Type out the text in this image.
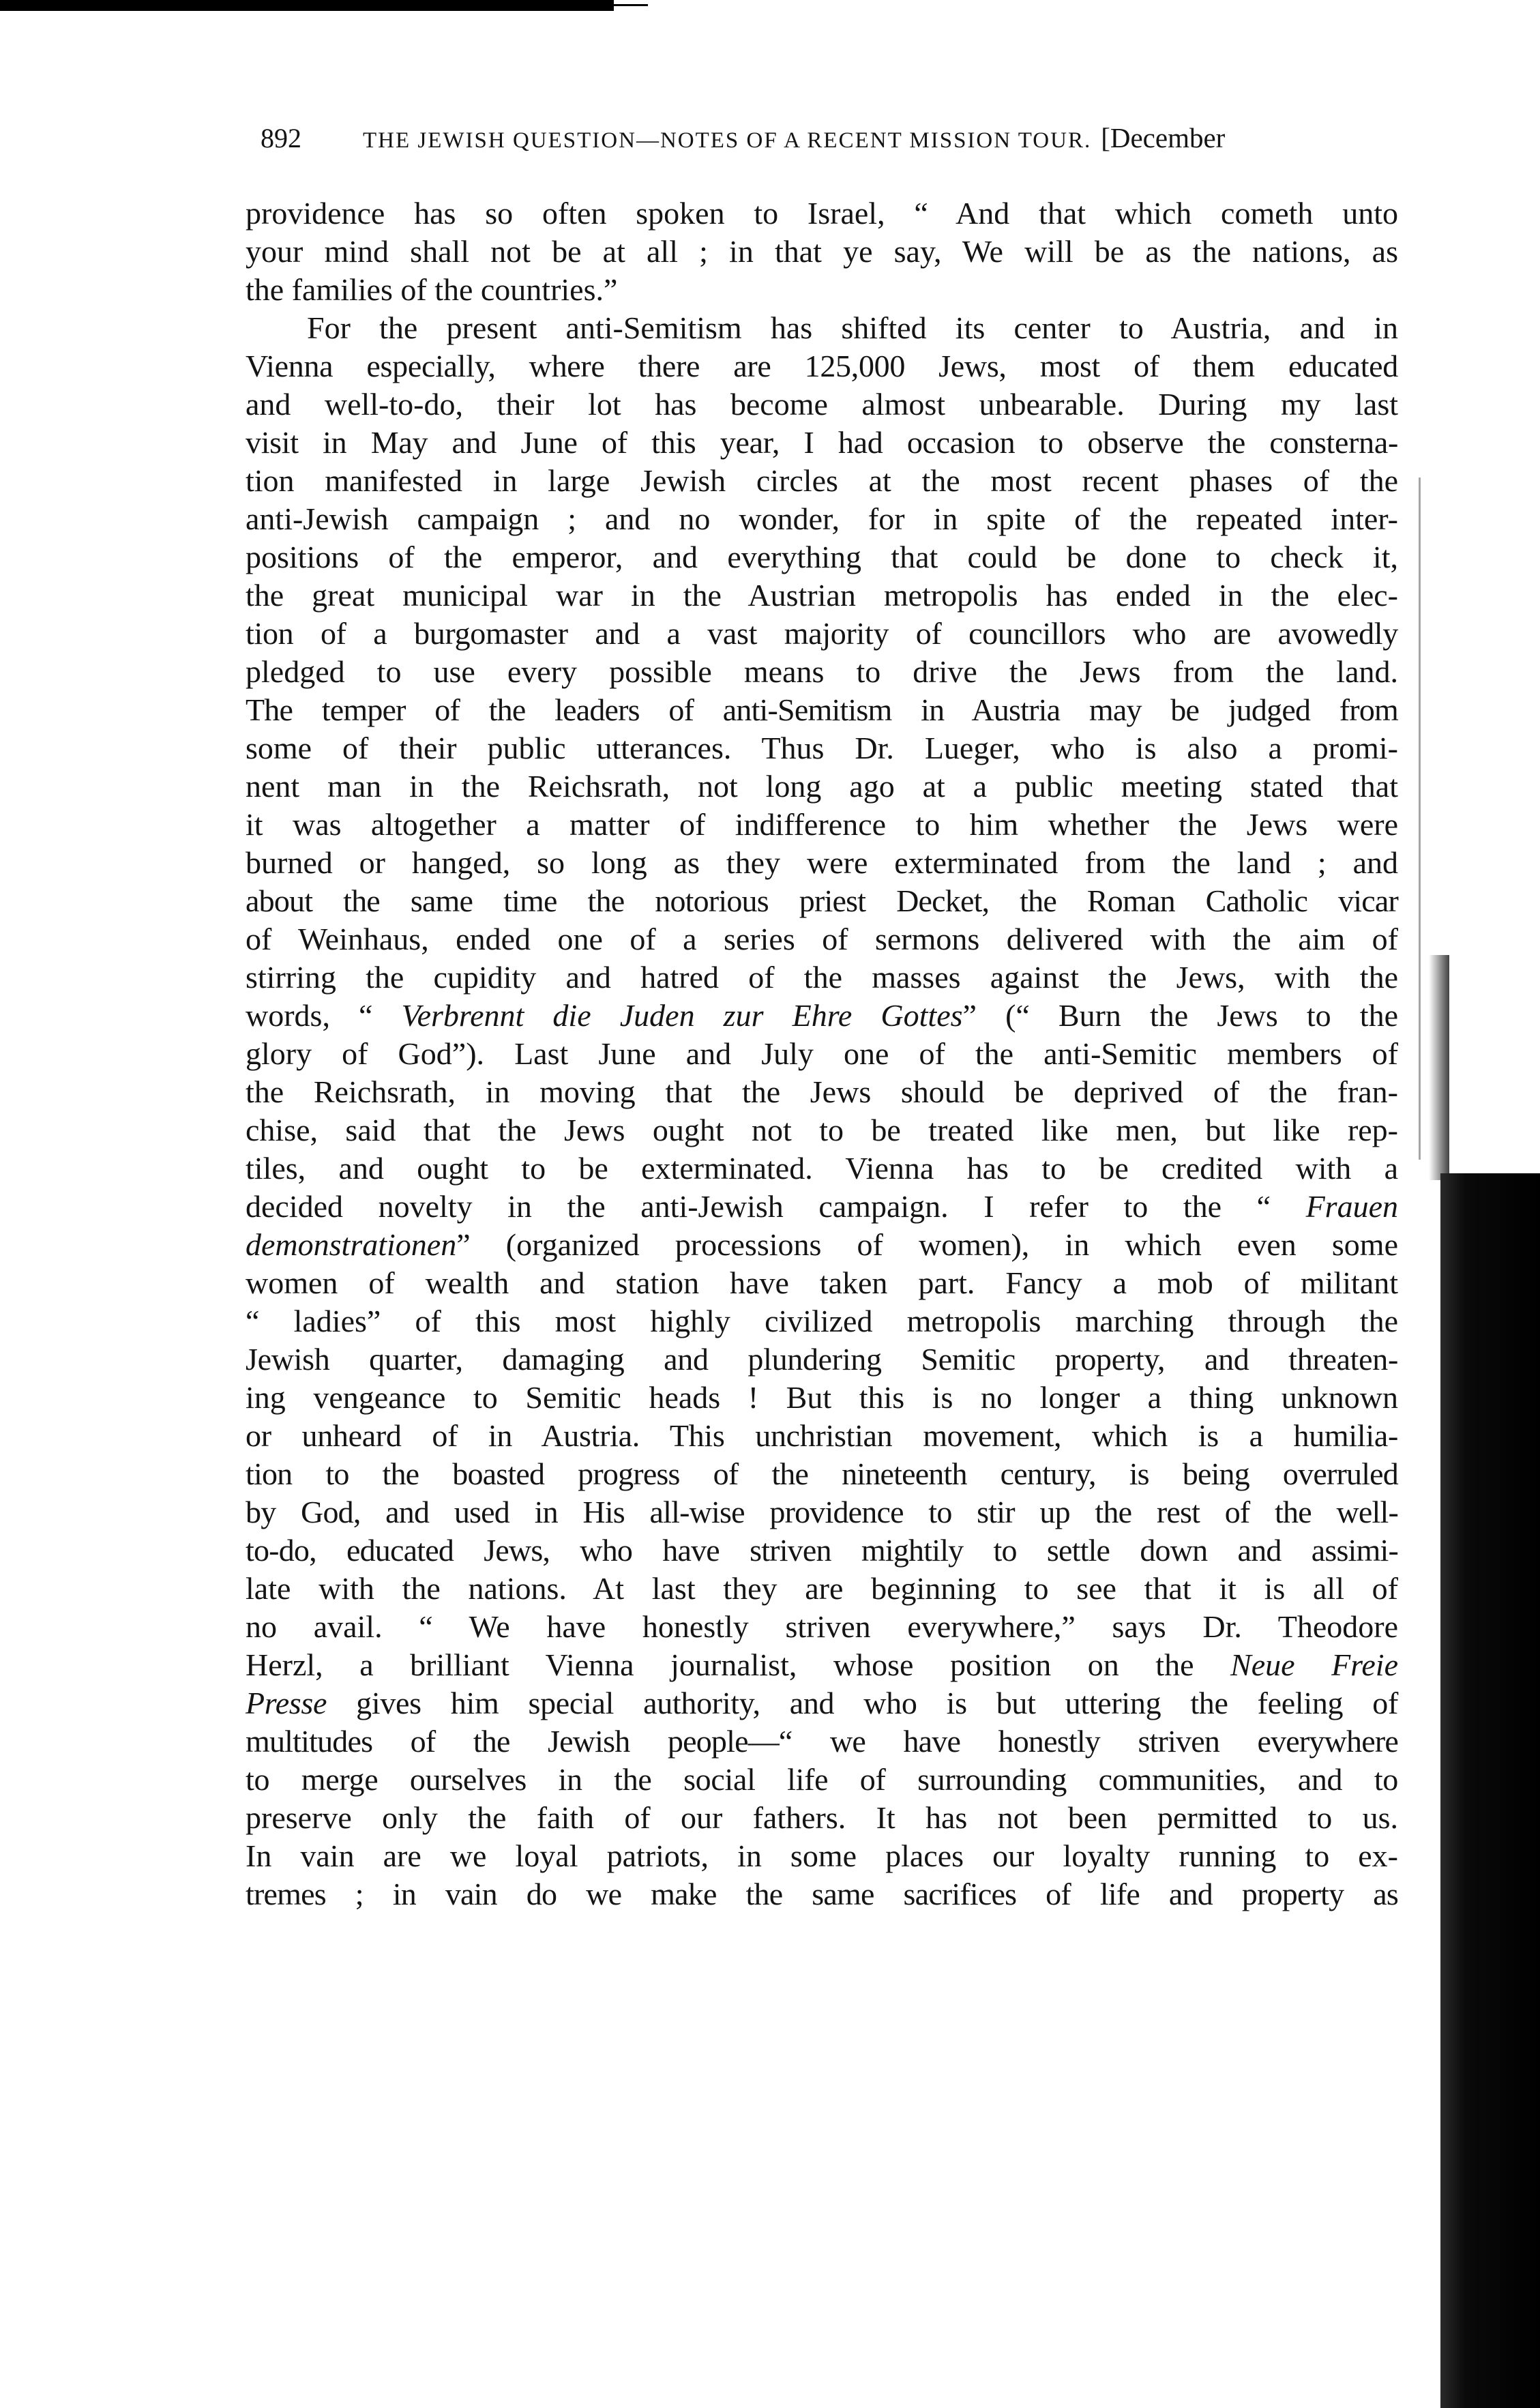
892	THE JEWISH QUESTION—NOTES OF A RECENT MISSION TOUR. [December
providence has so often spoken to Israel, “ And that which cometh unto
your mind shall not be at all ; in that ye say, We will be as the nations, as
the families of the countries.”
For the present anti-Semitism has shifted its center to Austria, and in
Vienna especially, where there are 125,000 Jews, most of them educated
and well-to-do, their lot has become almost unbearable. During my last
visit in May and June of this year, I had occasion to observe the consterna-
tion manifested in large Jewish circles at the most recent phases of the
anti-Jewish campaign ; and no wonder, for in spite of the repeated inter-
positions of the emperor, and everything that could be done to check it,
the great municipal war in the Austrian metropolis has ended in the elec-
tion of a burgomaster and a vast majority of councillors who are avowedly
pledged to use every possible means to drive the Jews from the land.
The temper of the leaders of anti-Semitism in Austria may be judged from
some of their public utterances. Thus Dr. Lueger, who is also a promi-
nent man in the Reichsrath, not long ago at a public meeting stated that
it was altogether a matter of indifference to him whether the Jews were
burned or hanged, so long as they were exterminated from the land ; and
about the same time the notorious priest Decket, the Roman Catholic vicar
of Weinhaus, ended one of a series of sermons delivered with the aim of
stirring the cupidity and hatred of the masses against the Jews, with the
words, “ Verbrennt die Juden zur Ehre Gottes” (“ Burn the Jews to the
glory of God”). Last June and July one of the anti-Semitic members of
the Reichsrath, in moving that the Jews should be deprived of the fran-
chise, said that the Jews ought not to be treated like men, but like rep-
tiles, and ought to be exterminated. Vienna has to be credited with a
decided novelty in the anti-Jewish campaign. I refer to the “ Frauen
demonstrationen” (organized processions of women), in which even some
women of wealth and station have taken part. Fancy a mob of militant
“ ladies” of this most highly civilized metropolis marching through the
Jewish quarter, damaging and plundering Semitic property, and threaten-
ing vengeance to Semitic heads ! But this is no longer a thing unknown
or unheard of in Austria. This unchristian movement, which is a humilia-
tion to the boasted progress of the nineteenth century, is being overruled
by God, and used in His all-wise providence to stir up the rest of the well-
to-do, educated Jews, who have striven mightily to settle down and assimi-
late with the nations. At last they are beginning to see that it is all of
no avail. “ We have honestly striven everywhere,” says Dr. Theodore
Herzl, a brilliant Vienna journalist, whose position on the Neue Freie
Presse gives him special authority, and who is but uttering the feeling of
multitudes of the Jewish people—“ we have honestly striven everywhere
to merge ourselves in the social life of surrounding communities, and to
preserve only the faith of our fathers. It has not been permitted to us.
In vain are we loyal patriots, in some places our loyalty running to ex-
tremes ; in vain do we make the same sacrifices of life and property as
